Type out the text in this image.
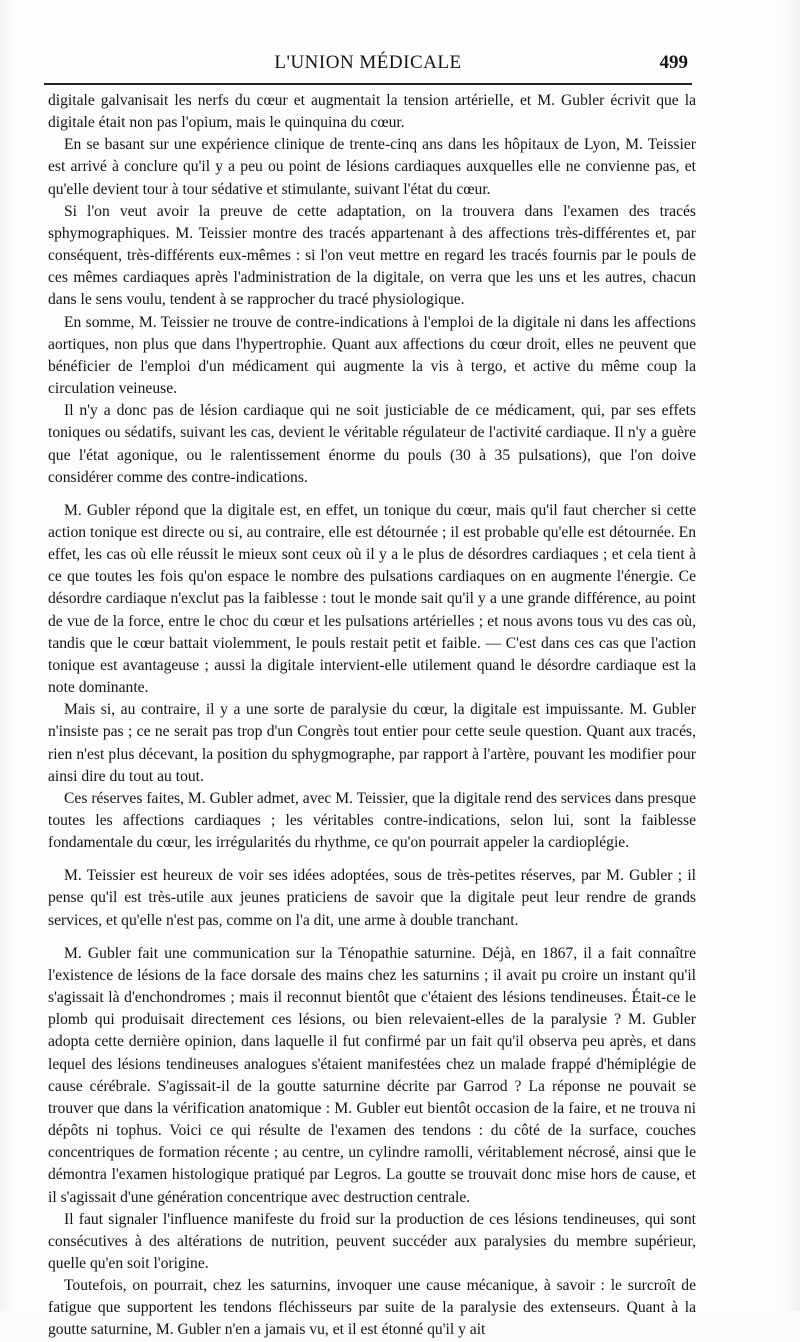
L'UNION MÉDICALE	499

digitale galvanisait les nerfs du cœur et augmentait la tension artérielle, et M. Gubler écrivit que la digitale était non pas l'opium, mais le quinquina du cœur.

En se basant sur une expérience clinique de trente-cinq ans dans les hôpitaux de Lyon, M. Teissier est arrivé à conclure qu'il y a peu ou point de lésions cardiaques auxquelles elle ne convienne pas, et qu'elle devient tour à tour sédative et stimulante, suivant l'état du cœur.

Si l'on veut avoir la preuve de cette adaptation, on la trouvera dans l'examen des tracés sphymographiques. M. Teissier montre des tracés appartenant à des affections très-différentes et, par conséquent, très-différents eux-mêmes : si l'on veut mettre en regard les tracés fournis par le pouls de ces mêmes cardiaques après l'administration de la digitale, on verra que les uns et les autres, chacun dans le sens voulu, tendent à se rapprocher du tracé physiologique.

En somme, M. Teissier ne trouve de contre-indications à l'emploi de la digitale ni dans les affections aortiques, non plus que dans l'hypertrophie. Quant aux affections du cœur droit, elles ne peuvent que bénéficier de l'emploi d'un médicament qui augmente la vis à tergo, et active du même coup la circulation veineuse.

Il n'y a donc pas de lésion cardiaque qui ne soit justiciable de ce médicament, qui, par ses effets toniques ou sédatifs, suivant les cas, devient le véritable régulateur de l'activité cardiaque. Il n'y a guère que l'état agonique, ou le ralentissement énorme du pouls (30 à 35 pulsations), que l'on doive considérer comme des contre-indications.

M. Gubler répond que la digitale est, en effet, un tonique du cœur, mais qu'il faut chercher si cette action tonique est directe ou si, au contraire, elle est détournée ; il est probable qu'elle est détournée. En effet, les cas où elle réussit le mieux sont ceux où il y a le plus de désordres cardiaques ; et cela tient à ce que toutes les fois qu'on espace le nombre des pulsations cardiaques on en augmente l'énergie. Ce désordre cardiaque n'exclut pas la faiblesse : tout le monde sait qu'il y a une grande différence, au point de vue de la force, entre le choc du cœur et les pulsations artérielles ; et nous avons tous vu des cas où, tandis que le cœur battait violemment, le pouls restait petit et faible. — C'est dans ces cas que l'action tonique est avantageuse ; aussi la digitale intervient-elle utilement quand le désordre cardiaque est la note dominante.

Mais si, au contraire, il y a une sorte de paralysie du cœur, la digitale est impuissante. M. Gubler n'insiste pas ; ce ne serait pas trop d'un Congrès tout entier pour cette seule question. Quant aux tracés, rien n'est plus décevant, la position du sphygmographe, par rapport à l'artère, pouvant les modifier pour ainsi dire du tout au tout.

Ces réserves faites, M. Gubler admet, avec M. Teissier, que la digitale rend des services dans presque toutes les affections cardiaques ; les véritables contre-indications, selon lui, sont la faiblesse fondamentale du cœur, les irrégularités du rhythme, ce qu'on pourrait appeler la cardioplégie.

M. Teissier est heureux de voir ses idées adoptées, sous de très-petites réserves, par M. Gubler ; il pense qu'il est très-utile aux jeunes praticiens de savoir que la digitale peut leur rendre de grands services, et qu'elle n'est pas, comme on l'a dit, une arme à double tranchant.

M. Gubler fait une communication sur la Ténopathie saturnine. Déjà, en 1867, il a fait connaître l'existence de lésions de la face dorsale des mains chez les saturnins ; il avait pu croire un instant qu'il s'agissait là d'enchondromes ; mais il reconnut bientôt que c'étaient des lésions tendineuses. Était-ce le plomb qui produisait directement ces lésions, ou bien relevaient-elles de la paralysie ? M. Gubler adopta cette dernière opinion, dans laquelle il fut confirmé par un fait qu'il observa peu après, et dans lequel des lésions tendineuses analogues s'étaient manifestées chez un malade frappé d'hémiplégie de cause cérébrale. S'agissait-il de la goutte saturnine décrite par Garrod ? La réponse ne pouvait se trouver que dans la vérification anatomique : M. Gubler eut bientôt occasion de la faire, et ne trouva ni dépôts ni tophus. Voici ce qui résulte de l'examen des tendons : du côté de la surface, couches concentriques de formation récente ; au centre, un cylindre ramolli, véritablement nécrosé, ainsi que le démontra l'examen histologique pratiqué par Legros. La goutte se trouvait donc mise hors de cause, et il s'agissait d'une génération concentrique avec destruction centrale.

Il faut signaler l'influence manifeste du froid sur la production de ces lésions tendineuses, qui sont consécutives à des altérations de nutrition, peuvent succéder aux paralysies du membre supérieur, quelle qu'en soit l'origine.

Toutefois, on pourrait, chez les saturnins, invoquer une cause mécanique, à savoir : le surcroît de fatigue que supportent les tendons fléchisseurs par suite de la paralysie des extenseurs. Quant à la goutte saturnine, M. Gubler n'en a jamais vu, et il est étonné qu'il y ait
